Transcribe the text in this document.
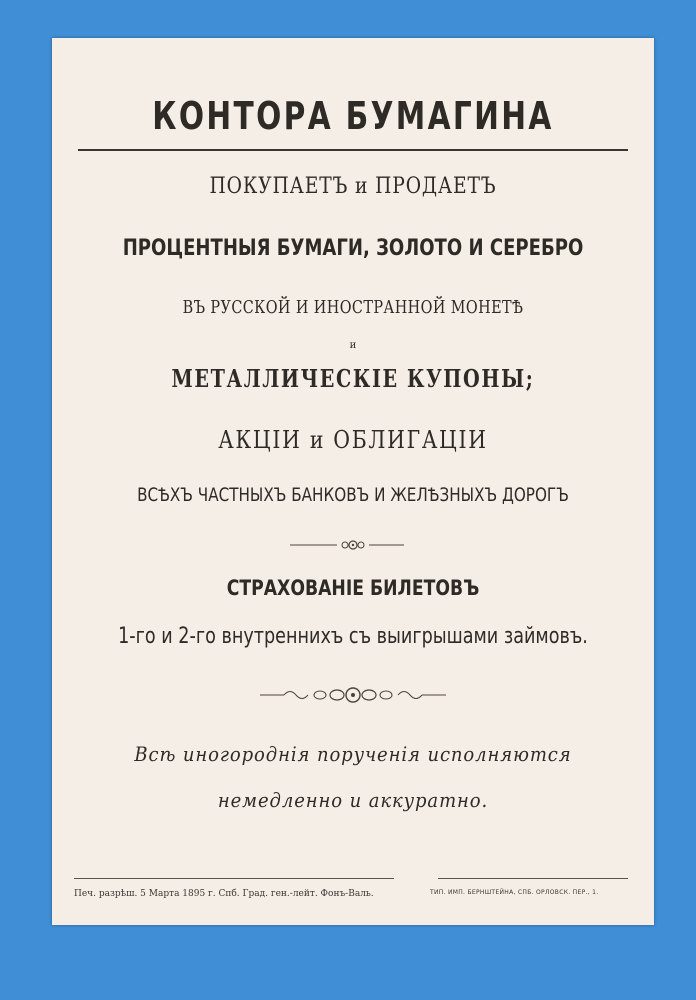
КОНТОРА БУМАГИНА
ПОКУПАЕТЪ и ПРОДАЕТЪ
ПРОЦЕНТНЫЯ БУМАГИ, ЗОЛОТО И СЕРЕБРО
ВЪ РУССКОЙ И ИНОСТРАННОЙ МОНЕТѢ
и
МЕТАЛЛИЧЕСКІЕ КУПОНЫ;
АКЦІИ и ОБЛИГАЦІИ
ВСѢХЪ ЧАСТНЫХЪ БАНКОВЪ И ЖЕЛѢЗНЫХЪ ДОРОГЪ
СТРАХОВАНІЕ БИЛЕТОВЪ
1-го и 2-го внутреннихъ съ выигрышами займовъ.
Всѣ иногороднія порученія исполняются
немедленно и аккуратно.
Печ. разрѣш. 5 Марта 1895 г. Спб. Град. ген.-лейт. Фонъ-Валь.	ТИП. ИМП. БЕРНШТЕЙНА, СПБ. ОРЛОВСК. ПЕР., 1.
